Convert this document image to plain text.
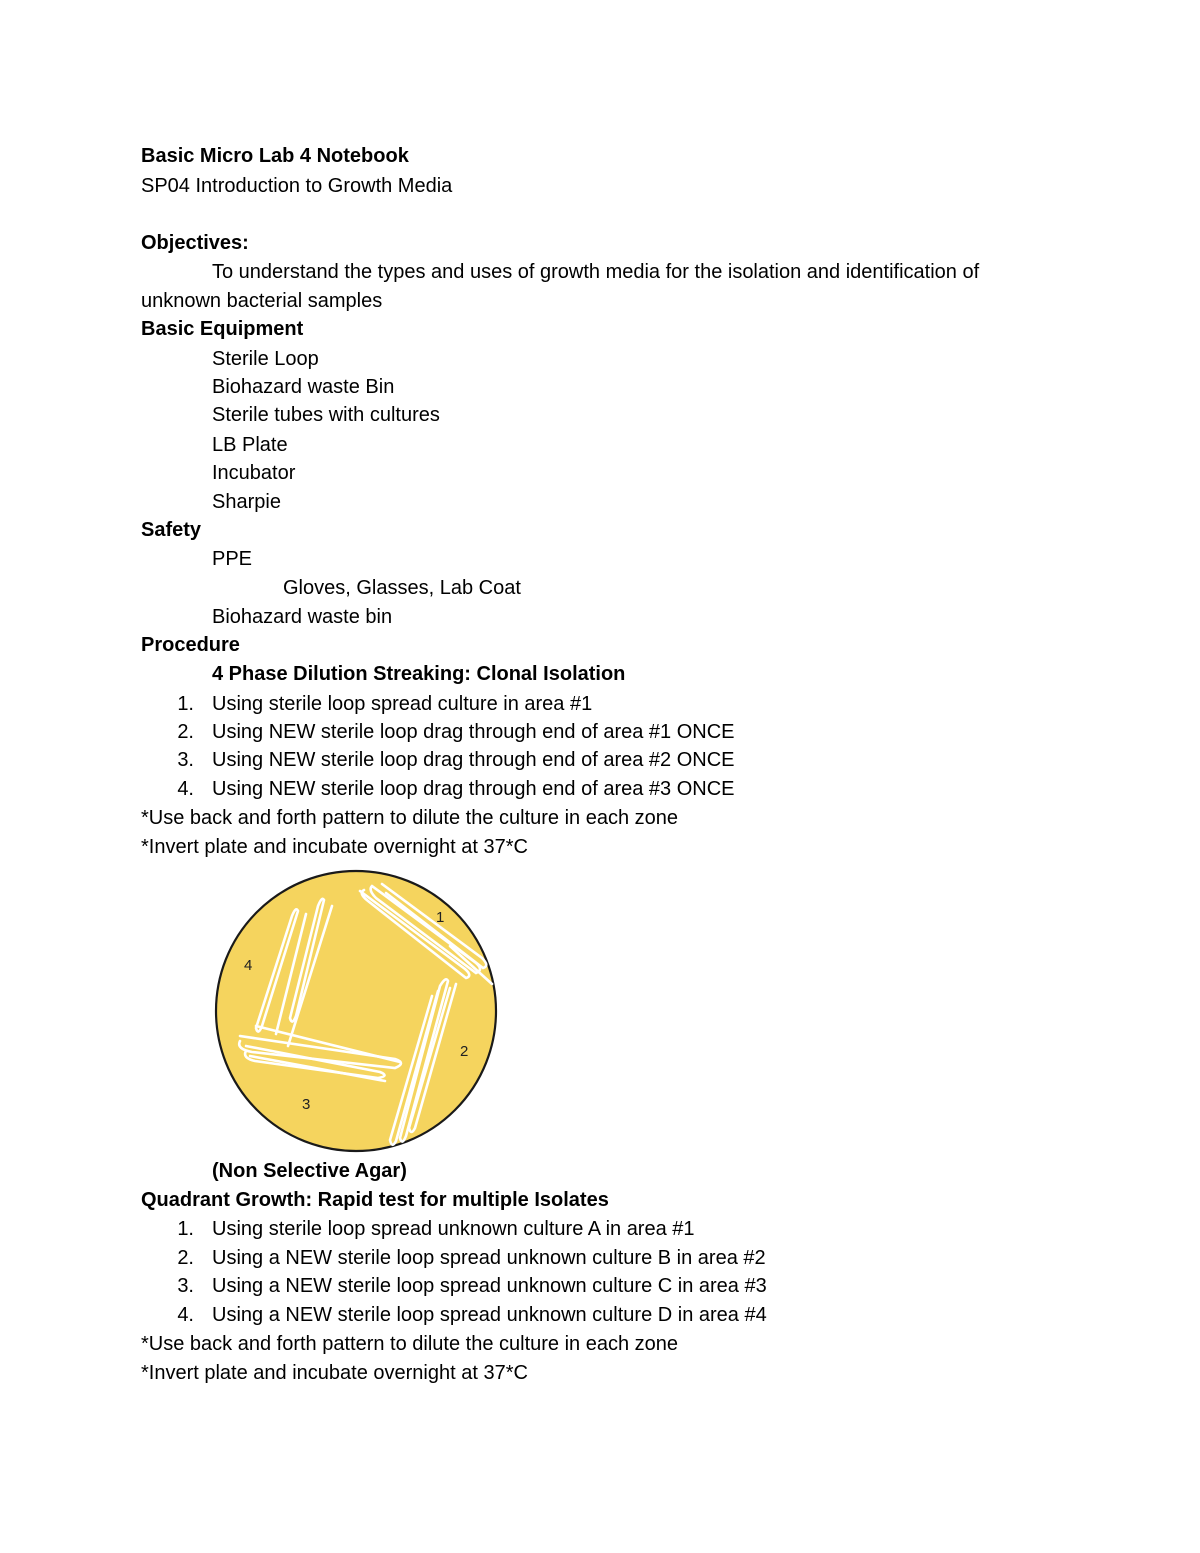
Basic Micro Lab 4 Notebook
SP04 Introduction to Growth Media
Objectives:
To understand the types and uses of growth media for the isolation and identification of
unknown bacterial samples
Basic Equipment
Sterile Loop
Biohazard waste Bin
Sterile tubes with cultures
LB Plate
Incubator
Sharpie
Safety
PPE
Gloves, Glasses, Lab Coat
Biohazard waste bin
Procedure
4 Phase Dilution Streaking: Clonal Isolation
1. Using sterile loop spread culture in area #1
2. Using NEW sterile loop drag through end of area #1 ONCE
3. Using NEW sterile loop drag through end of area #2 ONCE
4. Using NEW sterile loop drag through end of area #3 ONCE
*Use back and forth pattern to dilute the culture in each zone
*Invert plate and incubate overnight at 37*C
1
2
3
4
(Non Selective Agar)
Quadrant Growth: Rapid test for multiple Isolates
1. Using sterile loop spread unknown culture A in area #1
2. Using a NEW sterile loop spread unknown culture B in area #2
3. Using a NEW sterile loop spread unknown culture C in area #3
4. Using a NEW sterile loop spread unknown culture D in area #4
*Use back and forth pattern to dilute the culture in each zone
*Invert plate and incubate overnight at 37*C
